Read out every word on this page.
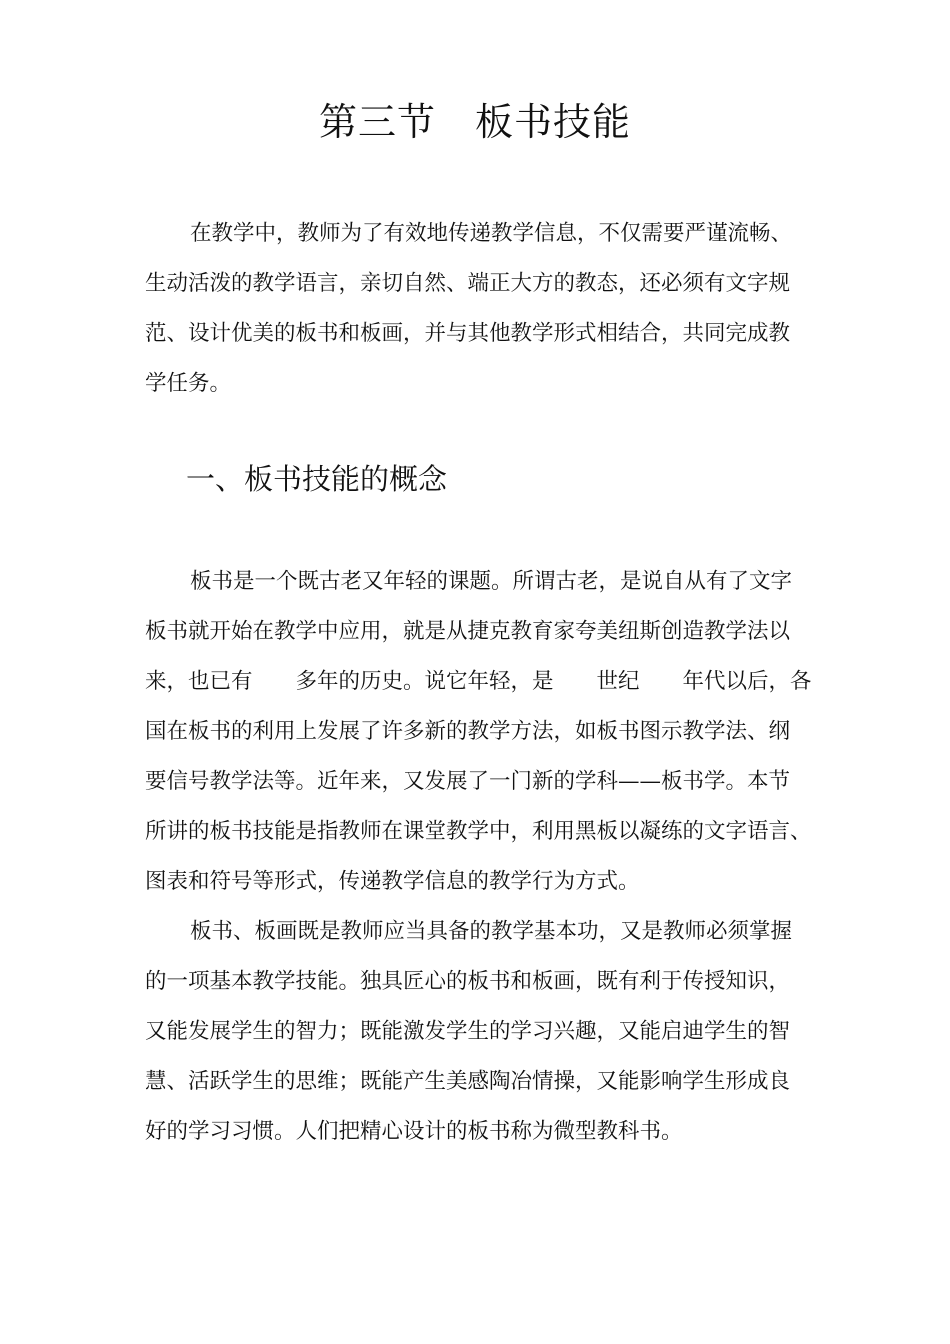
第三节　板书技能
在教学中，教师为了有效地传递教学信息，不仅需要严谨流畅、
生动活泼的教学语言，亲切自然、端正大方的教态，还必须有文字规
范、设计优美的板书和板画，并与其他教学形式相结合，共同完成教
学任务。
一、板书技能的概念
板书是一个既古老又年轻的课题。所谓古老，是说自从有了文字
板书就开始在教学中应用，就是从捷克教育家夸美纽斯创造教学法以
来，也已有　　多年的历史。说它年轻，是　　世纪　　年代以后，各
国在板书的利用上发展了许多新的教学方法，如板书图示教学法、纲
要信号教学法等。近年来，又发展了一门新的学科——板书学。本节
所讲的板书技能是指教师在课堂教学中，利用黑板以凝练的文字语言、
图表和符号等形式，传递教学信息的教学行为方式。
板书、板画既是教师应当具备的教学基本功，又是教师必须掌握
的一项基本教学技能。独具匠心的板书和板画，既有利于传授知识，
又能发展学生的智力；既能激发学生的学习兴趣，又能启迪学生的智
慧、活跃学生的思维；既能产生美感陶冶情操，又能影响学生形成良
好的学习习惯。人们把精心设计的板书称为微型教科书。
